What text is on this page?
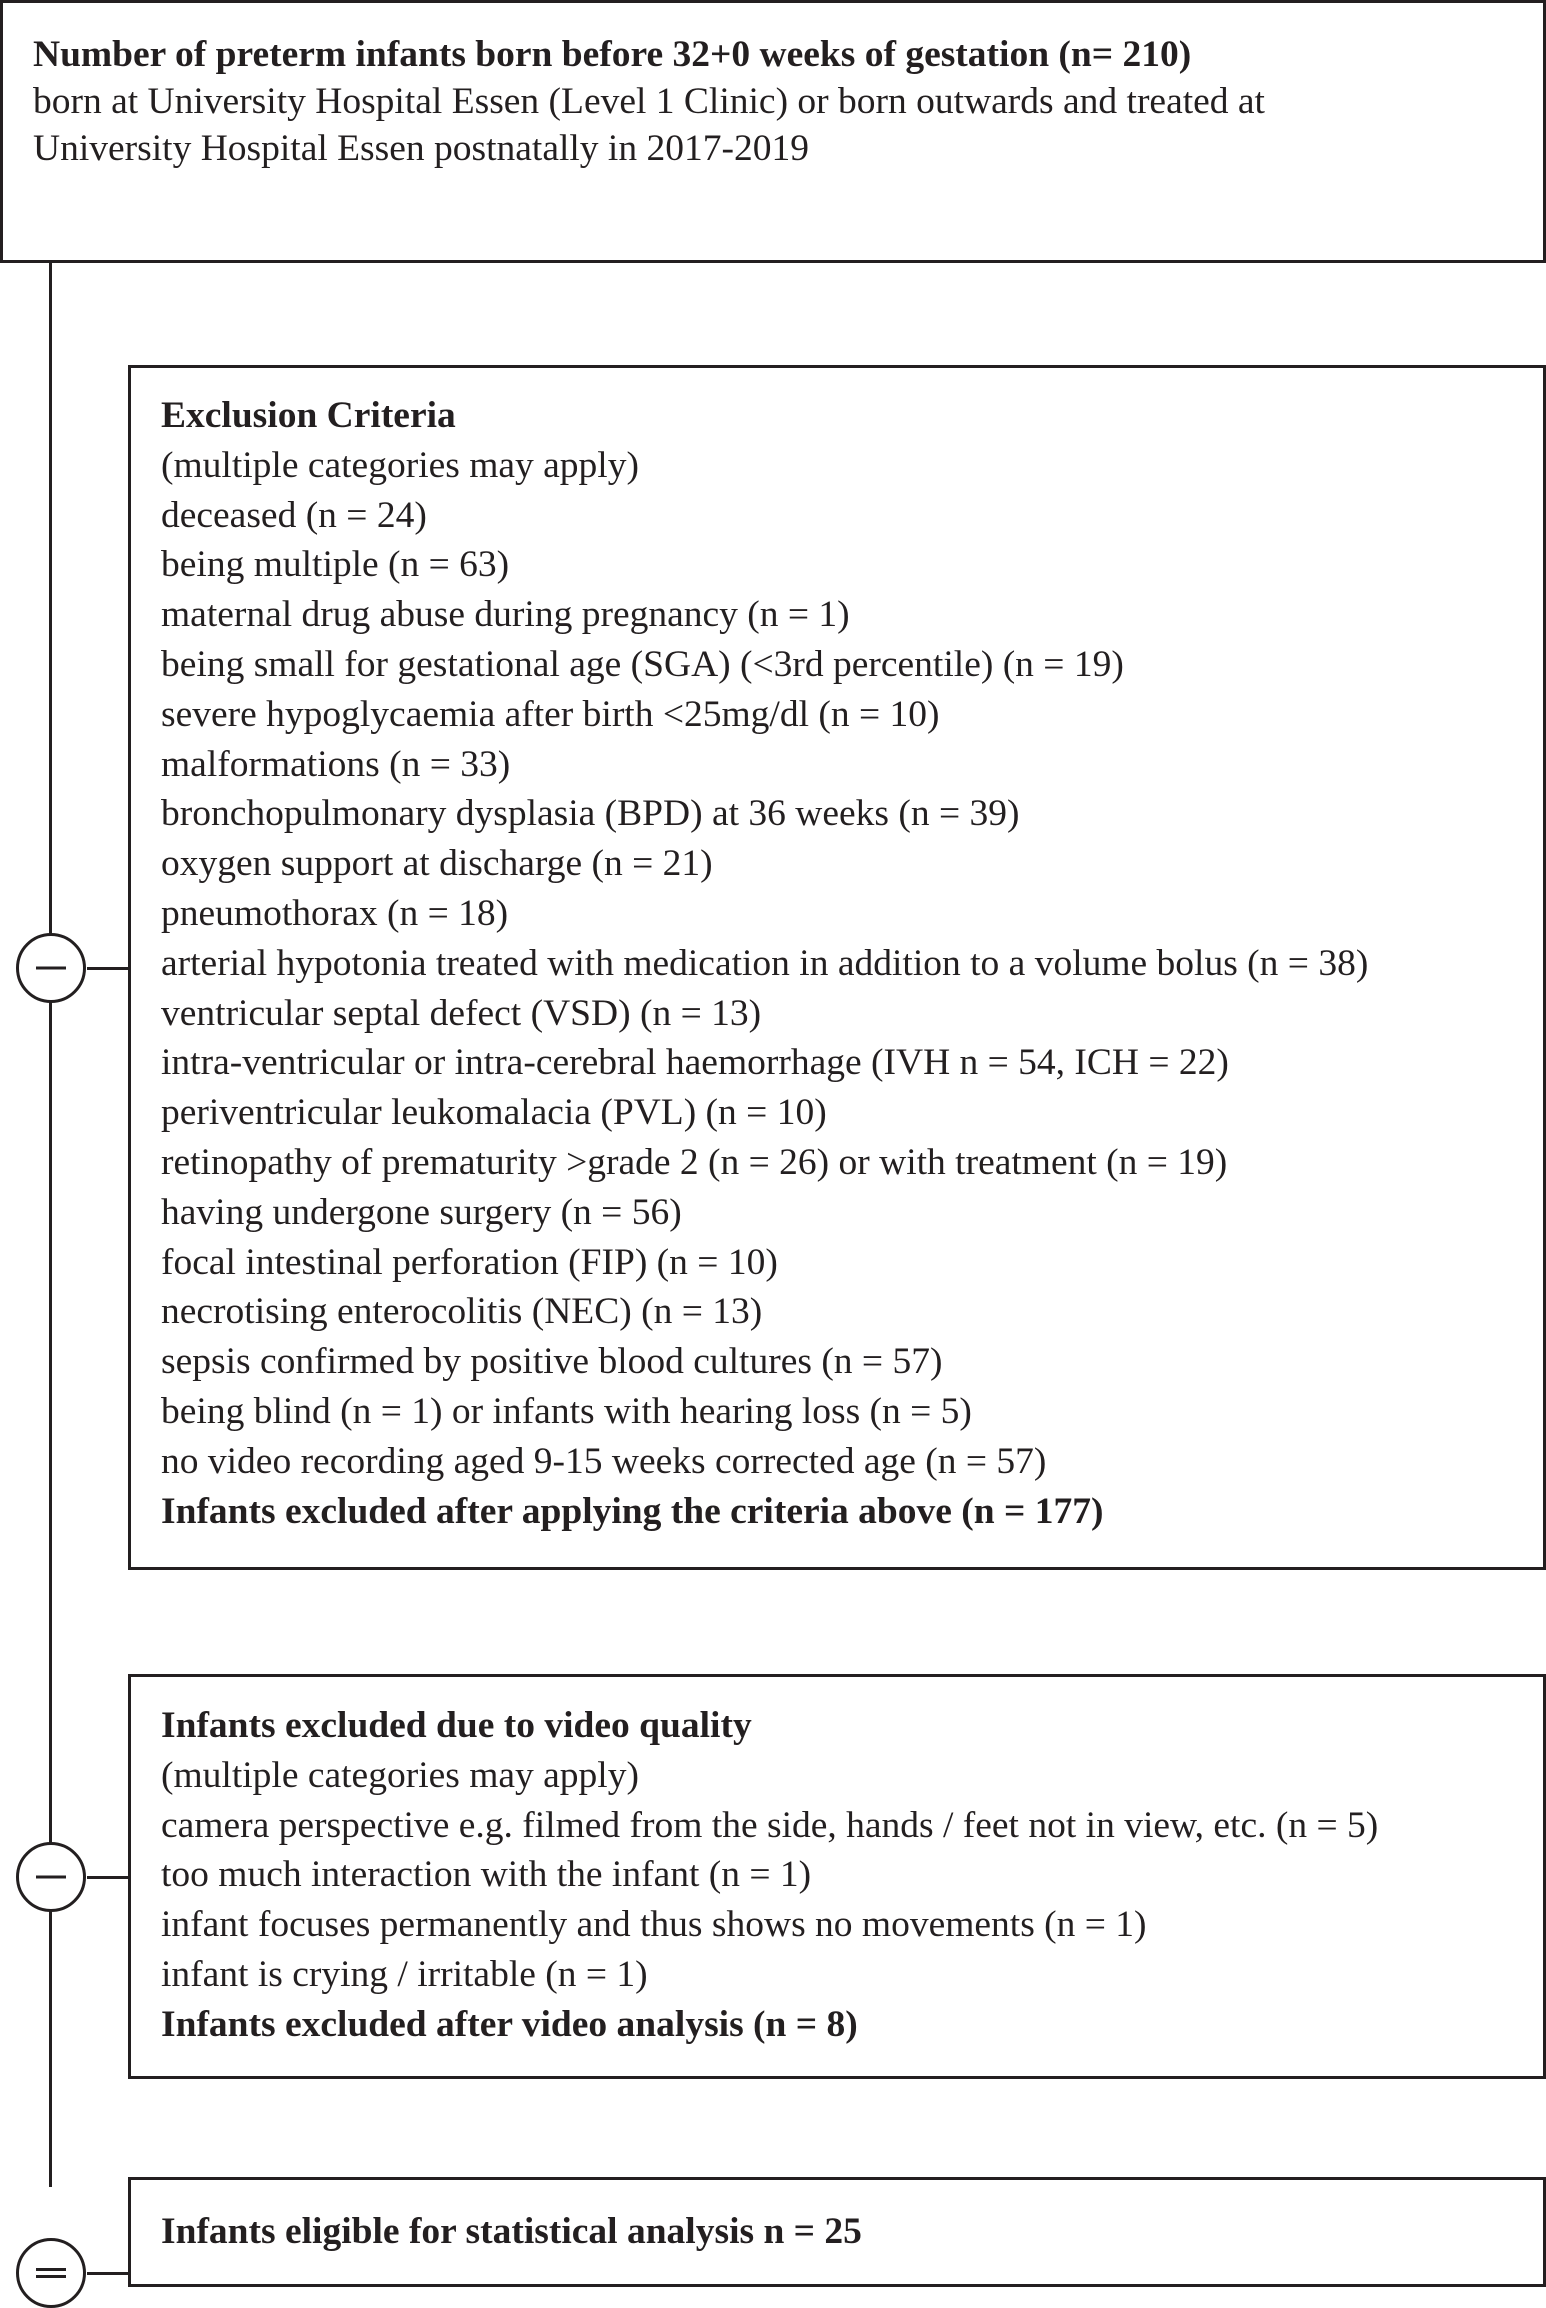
Number of preterm infants born before 32+0 weeks of gestation (n= 210)
born at University Hospital Essen (Level 1 Clinic) or born outwards and treated at
University Hospital Essen postnatally in 2017-2019
Exclusion Criteria
(multiple categories may apply)
deceased (n = 24)
being multiple (n = 63)
maternal drug abuse during pregnancy (n = 1)
being small for gestational age (SGA) (<3rd percentile) (n = 19)
severe hypoglycaemia after birth <25mg/dl (n = 10)
malformations (n = 33)
bronchopulmonary dysplasia (BPD) at 36 weeks (n = 39)
oxygen support at discharge (n = 21)
pneumothorax (n = 18)
arterial hypotonia treated with medication in addition to a volume bolus (n = 38)
ventricular septal defect (VSD) (n = 13)
intra-ventricular or intra-cerebral haemorrhage (IVH n = 54, ICH = 22)
periventricular leukomalacia (PVL) (n = 10)
retinopathy of prematurity >grade 2 (n = 26) or with treatment (n = 19)
having undergone surgery (n = 56)
focal intestinal perforation (FIP) (n = 10)
necrotising enterocolitis (NEC) (n = 13)
sepsis confirmed by positive blood cultures (n = 57)
being blind (n = 1) or infants with hearing loss (n = 5)
no video recording aged 9-15 weeks corrected age (n = 57)
Infants excluded after applying the criteria above (n = 177)
Infants excluded due to video quality
(multiple categories may apply)
camera perspective e.g. filmed from the side, hands / feet not in view, etc. (n = 5)
too much interaction with the infant (n = 1)
infant focuses permanently and thus shows no movements (n = 1)
infant is crying / irritable (n = 1)
Infants excluded after video analysis (n = 8)
Infants eligible for statistical analysis n = 25
